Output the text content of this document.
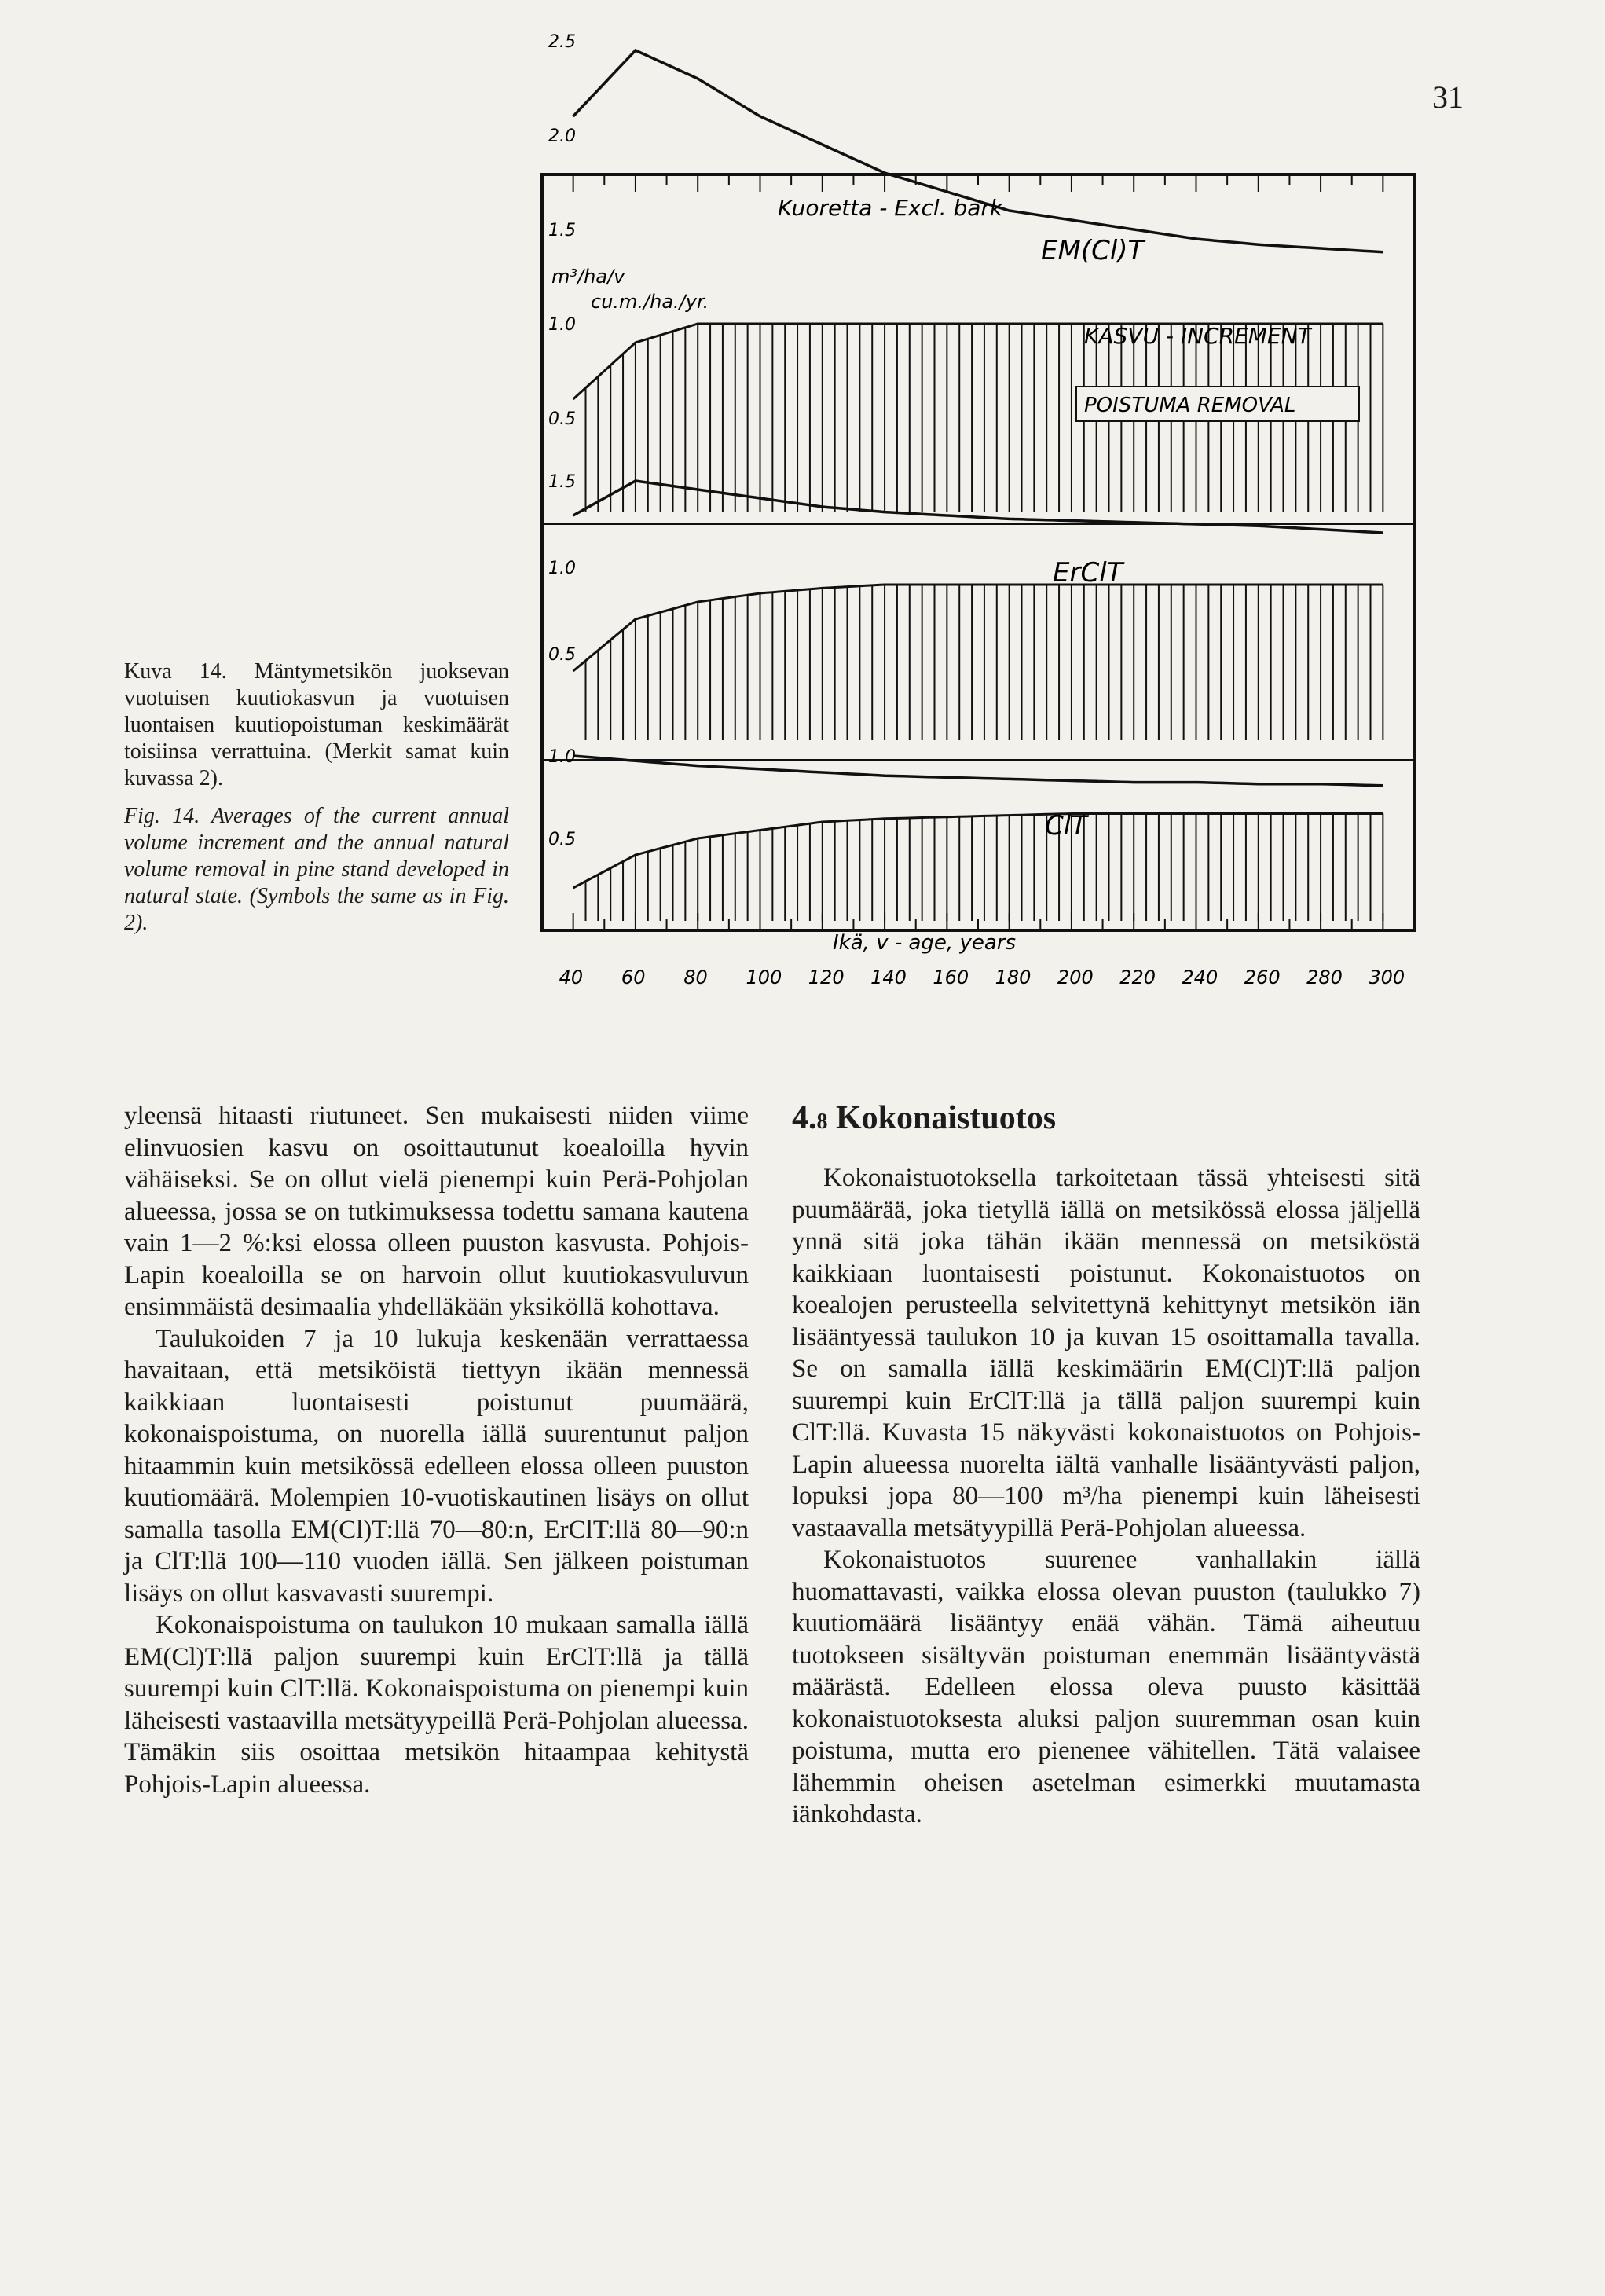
31
Kuoretta - Excl. bark
EM(Cl)T
m³/ha/v
cu.m./ha./yr.
KASVU - INCREMENT
POISTUMA REMOVAL
ErClT
ClT
Ikä, v - age, years
40 60 80 100 120 140 160 180 200 220 240 260 280 300
2.5
2.0
1.5
1.0
0.5
1.5
1.0
0.5
1.0
0.5

Kuva 14. Mäntymetsikön juoksevan vuotuisen kuutiokasvun ja vuotuisen luontaisen kuutiopoistuman keskimäärät toisiinsa verrattuina. (Merkit samat kuin kuvassa 2).

Fig. 14. Averages of the current annual volume increment and the annual natural volume removal in pine stand developed in natural state. (Symbols the same as in Fig. 2).

yleensä hitaasti riutuneet. Sen mukaisesti niiden viime elinvuosien kasvu on osoittautunut koealoilla hyvin vähäiseksi. Se on ollut vielä pienempi kuin Perä-Pohjolan alueessa, jossa se on tutkimuksessa todettu samana kautena vain 1—2 %:ksi elossa olleen puuston kasvusta. Pohjois-Lapin koealoilla se on harvoin ollut kuutiokasvuluvun ensimmäistä desimaalia yhdelläkään yksiköllä kohottava.

Taulukoiden 7 ja 10 lukuja keskenään verrattaessa havaitaan, että metsiköistä tiettyyn ikään mennessä kaikkiaan luontaisesti poistunut puumäärä, kokonaispoistuma, on nuorella iällä suurentunut paljon hitaammin kuin metsikössä edelleen elossa olleen puuston kuutiomäärä. Molempien 10-vuotiskautinen lisäys on ollut samalla tasolla EM(Cl)T:llä 70—80:n, ErClT:llä 80—90:n ja ClT:llä 100—110 vuoden iällä. Sen jälkeen poistuman lisäys on ollut kasvavasti suurempi.

Kokonaispoistuma on taulukon 10 mukaan samalla iällä EM(Cl)T:llä paljon suurempi kuin ErClT:llä ja tällä suurempi kuin ClT:llä. Kokonaispoistuma on pienempi kuin läheisesti vastaavilla metsätyypeillä Perä-Pohjolan alueessa. Tämäkin siis osoittaa metsikön hitaampaa kehitystä Pohjois-Lapin alueessa.

4.8 Kokonaistuotos

Kokonaistuotoksella tarkoitetaan tässä yhteisesti sitä puumäärää, joka tietyllä iällä on metsikössä elossa jäljellä ynnä sitä joka tähän ikään mennessä on metsiköstä kaikkiaan luontaisesti poistunut. Kokonaistuotos on koealojen perusteella selvitettynä kehittynyt metsikön iän lisääntyessä taulukon 10 ja kuvan 15 osoittamalla tavalla. Se on samalla iällä keskimäärin EM(Cl)T:llä paljon suurempi kuin ErClT:llä ja tällä paljon suurempi kuin ClT:llä. Kuvasta 15 näkyvästi kokonaistuotos on Pohjois-Lapin alueessa nuorelta iältä vanhalle lisääntyvästi paljon, lopuksi jopa 80—100 m³/ha pienempi kuin läheisesti vastaavalla metsätyypillä Perä-Pohjolan alueessa.

Kokonaistuotos suurenee vanhallakin iällä huomattavasti, vaikka elossa olevan puuston (taulukko 7) kuutiomäärä lisääntyy enää vähän. Tämä aiheutuu tuotokseen sisältyvän poistuman enemmän lisääntyvästä määrästä. Edelleen elossa oleva puusto käsittää kokonaistuotoksesta aluksi paljon suuremman osan kuin poistuma, mutta ero pienenee vähitellen. Tätä valaisee lähemmin oheisen asetelman esimerkki muutamasta iänkohdasta.
